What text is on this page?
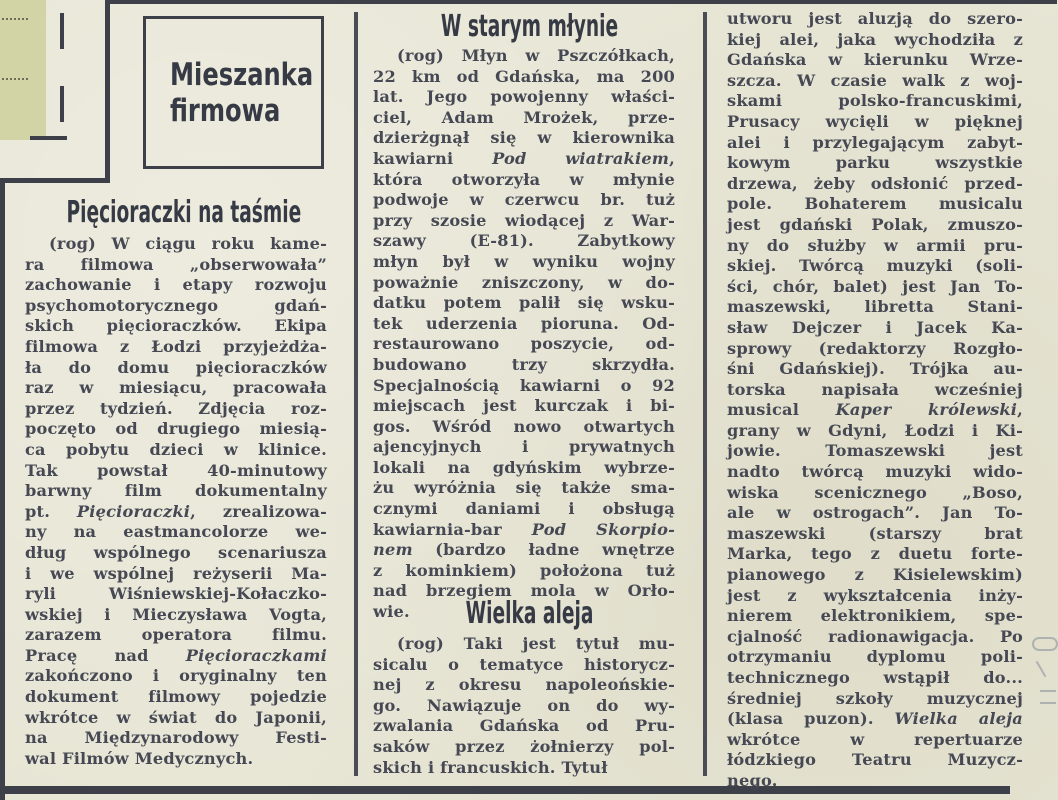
Mieszanka
firmowa
Pięcioraczki na taśmie
(rog) W ciągu roku kame-
ra filmowa „obserwowała”
zachowanie i etapy rozwoju
psychomotorycznego gdań-
skich pięcioraczków. Ekipa
filmowa z Łodzi przyjeżdża-
ła do domu pięcioraczków
raz w miesiącu, pracowała
przez tydzień. Zdjęcia roz-
poczęto od drugiego miesią-
ca pobytu dzieci w klinice.
Tak powstał 40-minutowy
barwny film dokumentalny
pt. Pięcioraczki, zrealizowa-
ny na eastmancolorze we-
dług wspólnego scenariusza
i we wspólnej reżyserii Ma-
ryli Wiśniewskiej-Kołaczko-
wskiej i Mieczysława Vogta,
zarazem operatora filmu.
Pracę nad Pięcioraczkami
zakończono i oryginalny ten
dokument filmowy pojedzie
wkrótce w świat do Japonii,
na Międzynarodowy Festi-
wal Filmów Medycznych.
W starym młynie
(rog) Młyn w Pszczółkach,
22 km od Gdańska, ma 200
lat. Jego powojenny właści-
ciel, Adam Mrożek, prze-
dzierżgnął się w kierownika
kawiarni Pod wiatrakiem,
która otworzyła w młynie
podwoje w czerwcu br. tuż
przy szosie wiodącej z War-
szawy (E-81). Zabytkowy
młyn był w wyniku wojny
poważnie zniszczony, w do-
datku potem palił się wsku-
tek uderzenia pioruna. Od-
restaurowano poszycie, od-
budowano trzy skrzydła.
Specjalnością kawiarni o 92
miejscach jest kurczak i bi-
gos. Wśród nowo otwartych
ajencyjnych i prywatnych
lokali na gdyńskim wybrze-
żu wyróżnia się także sma-
cznymi daniami i obsługą
kawiarnia-bar Pod Skorpio-
nem (bardzo ładne wnętrze
z kominkiem) położona tuż
nad brzegiem mola w Orło-
wie.	Wielka aleja
(rog) Taki jest tytuł mu-
sicalu o tematyce historycz-
nej z okresu napoleońskie-
go. Nawiązuje on do wy-
zwalania Gdańska od Pru-
saków przez żołnierzy pol-
skich i francuskich. Tytuł
utworu jest aluzją do szero-
kiej alei, jaka wychodziła z
Gdańska w kierunku Wrze-
szcza. W czasie walk z woj-
skami polsko-francuskimi,
Prusacy wycięli w pięknej
alei i przylegającym zabyt-
kowym parku wszystkie
drzewa, żeby odsłonić przed-
pole. Bohaterem musicalu
jest gdański Polak, zmuszo-
ny do służby w armii pru-
skiej. Twórcą muzyki (soli-
ści, chór, balet) jest Jan To-
maszewski, libretta Stani-
sław Dejczer i Jacek Ka-
sprowy (redaktorzy Rozgło-
śni Gdańskiej). Trójka au-
torska napisała wcześniej
musical Kaper królewski,
grany w Gdyni, Łodzi i Ki-
jowie. Tomaszewski jest
nadto twórcą muzyki wido-
wiska scenicznego „Boso,
ale w ostrogach”. Jan To-
maszewski (starszy brat
Marka, tego z duetu forte-
pianowego z Kisielewskim)
jest z wykształcenia inży-
nierem elektronikiem, spe-
cjalność radionawigacja. Po
otrzymaniu dyplomu poli-
technicznego wstąpił do...
średniej szkoły muzycznej
(klasa puzon). Wielka aleja
wkrótce w repertuarze
łódzkiego Teatru Muzycz-
nego.
